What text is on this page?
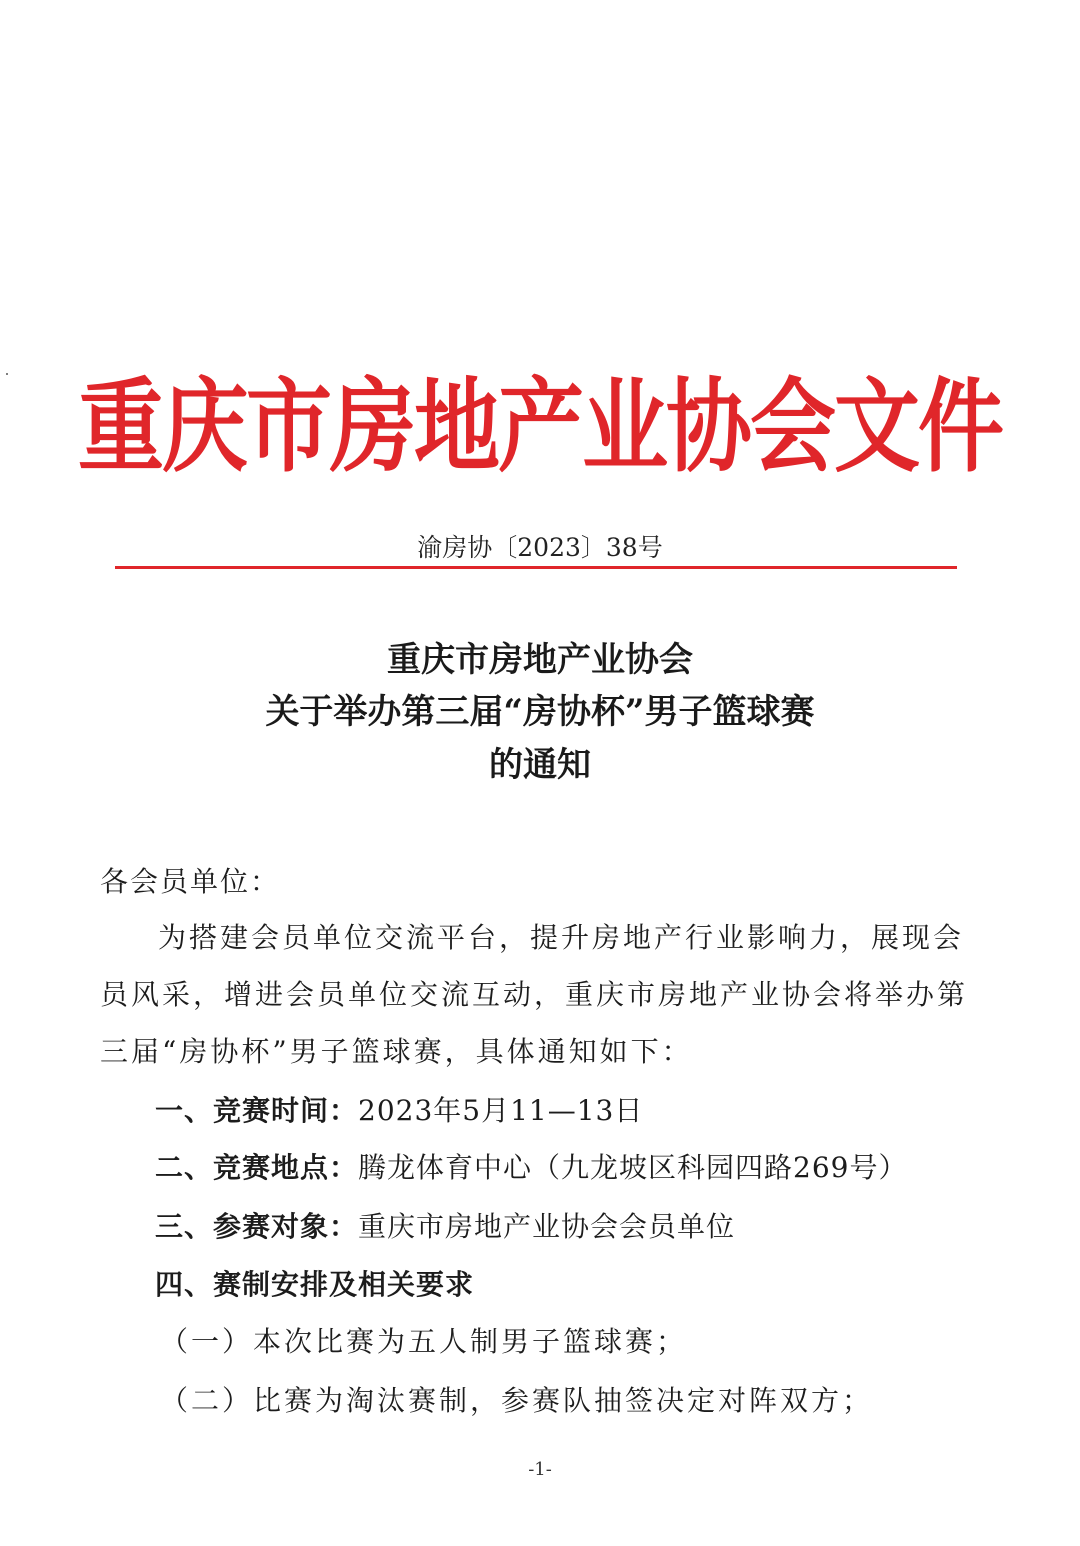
重庆市房地产业协会文件
渝房协〔2023〕38号
重庆市房地产业协会
关于举办第三届“房协杯”男子篮球赛
的通知
各会员单位：
为搭建会员单位交流平台，提升房地产行业影响力，展现会
员风采，增进会员单位交流互动，重庆市房地产业协会将举办第
三届“房协杯”男子篮球赛，具体通知如下：
一、竞赛时间：2023年5月11—13日
二、竞赛地点：腾龙体育中心（九龙坡区科园四路269号）
三、参赛对象：重庆市房地产业协会会员单位
四、赛制安排及相关要求
（一）本次比赛为五人制男子篮球赛；
（二）比赛为淘汰赛制，参赛队抽签决定对阵双方；
-1-
